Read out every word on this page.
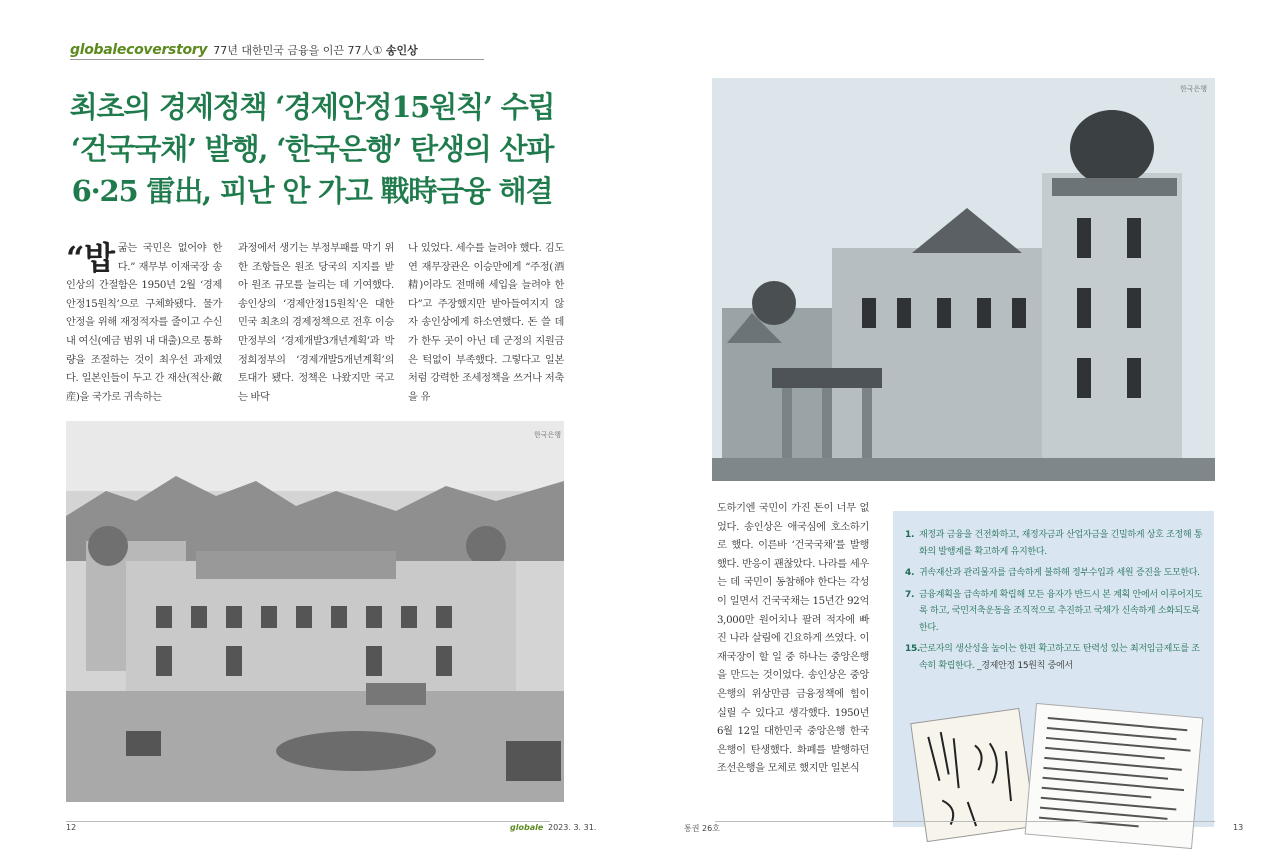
globalecoverstory 77년 대한민국 금융을 이끈 77人① 송인상
최초의 경제정책 ‘경제안정15원칙’ 수립
‘건국국채’ 발행, ‘한국은행’ 탄생의 산파
6·25 雷出, 피난 안 가고 戰時금융 해결
“밥굶는 국민은 없어야 한다.” 재무부 이재국장 송인상의 간절함은 1950년 2월 ‘경제안정15원칙’으로 구체화됐다. 물가안정을 위해 재정적자를 줄이고 수신 내 여신(예금 범위 내 대출)으로 통화량을 조절하는 것이 최우선 과제였다. 일본인들이 두고 간 재산(적산·敵産)을 국가로 귀속하는
과정에서 생기는 부정부패를 막기 위한 조항들은 원조 당국의 지지를 받아 원조 규모를 늘리는 데 기여했다. 송인상의 ‘경제안정15원칙’은 대한민국 최초의 경제정책으로 전후 이승만정부의 ‘경제개발3개년계획’과 박정희정부의 ‘경제개발5개년계획’의 토대가 됐다. 정책은 나왔지만 국고는 바닥
나 있었다. 세수를 늘려야 했다. 김도연 재무장관은 이승만에게 “주정(酒精)이라도 전매해 세입을 늘려야 한다”고 주장했지만 받아들여지지 않자 송인상에게 하소연했다. 돈 쓸 데가 한두 곳이 아닌 데 군정의 지원금은 턱없이 부족했다. 그렇다고 일본처럼 강력한 조세정책을 쓰거나 저축을 유
한국은행
한국은행
도하기엔 국민이 가진 돈이 너무 없었다. 송인상은 애국심에 호소하기로 했다. 이른바 ‘건국국채’를 발행했다. 반응이 괜찮았다. 나라를 세우는 데 국민이 동참해야 한다는 각성이 일면서 건국국채는 15년간 92억3,000만 원어치나 팔려 적자에 빠진 나라 살림에 긴요하게 쓰였다. 이재국장이 할 일 중 하나는 중앙은행을 만드는 것이었다. 송인상은 중앙은행의 위상만큼 금융정책에 힘이 실릴 수 있다고 생각했다. 1950년 6월 12일 대한민국 중앙은행 한국은행이 탄생했다. 화폐를 발행하던 조선은행을 모체로 했지만 일본식
1. 재정과 금융을 건전화하고, 재정자금과 산업자금을 긴밀하게 상호 조정해 통화의 발행계를 확고하게 유지한다.
4. 귀속재산과 관리물자를 급속하게 불하해 정부수입과 세원 증진을 도모한다.
7. 금융계획을 급속하게 확립해 모든 융자가 반드시 본 계획 안에서 이루어지도록 하고, 국민저축운동을 조직적으로 추진하고 국채가 신속하게 소화되도록 한다.
15.
근로자의 생산성을 높이는 한편 확고하고도 탄력성 있는 최저임금제도를 조속히 확립한다. _경제안정 15원칙 중에서
12	globale 2023. 3. 31.	통권 26호	13
